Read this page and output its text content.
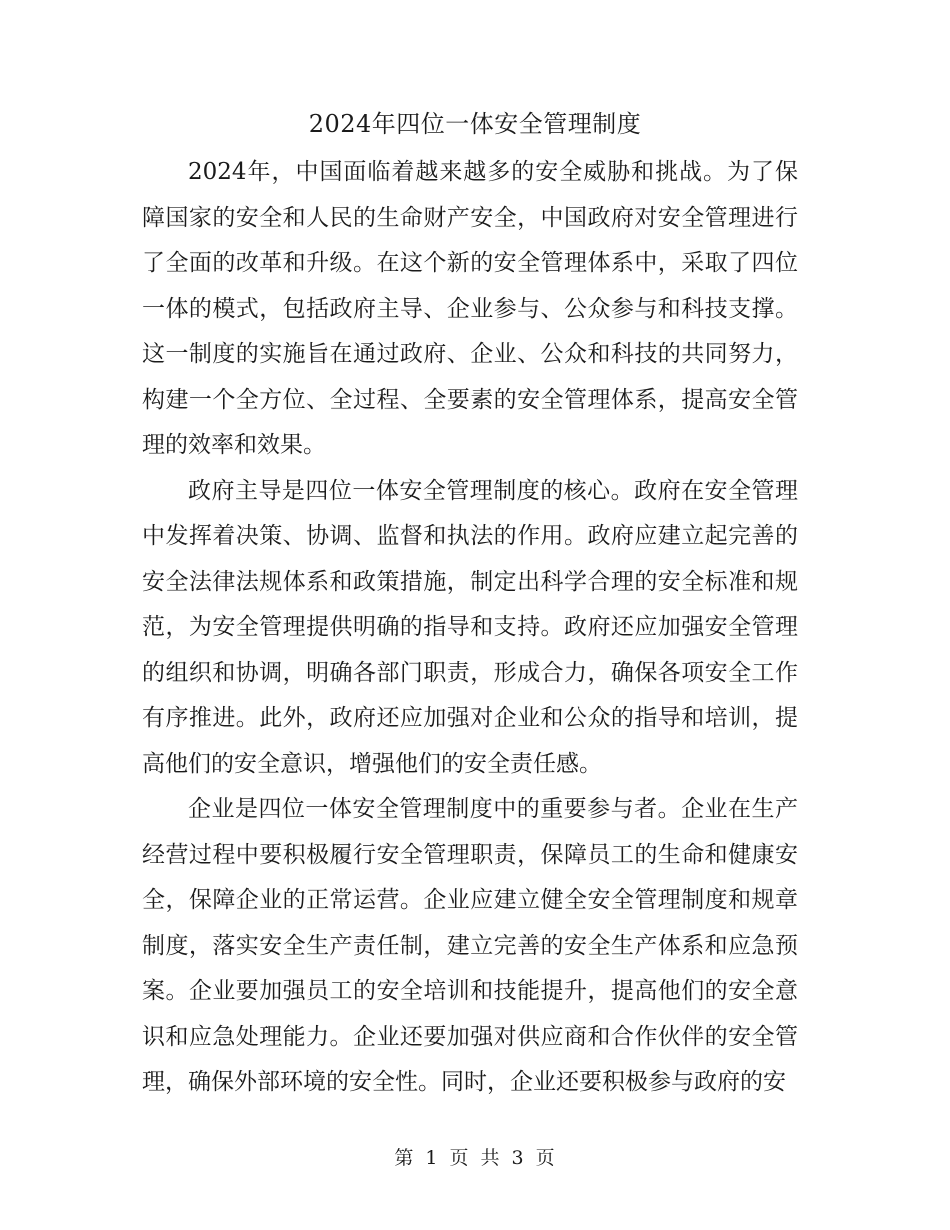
2024年四位一体安全管理制度

2024年，中国面临着越来越多的安全威胁和挑战。为了保障国家的安全和人民的生命财产安全，中国政府对安全管理进行了全面的改革和升级。在这个新的安全管理体系中，采取了四位一体的模式，包括政府主导、企业参与、公众参与和科技支撑。这一制度的实施旨在通过政府、企业、公众和科技的共同努力，构建一个全方位、全过程、全要素的安全管理体系，提高安全管理的效率和效果。

政府主导是四位一体安全管理制度的核心。政府在安全管理中发挥着决策、协调、监督和执法的作用。政府应建立起完善的安全法律法规体系和政策措施，制定出科学合理的安全标准和规范，为安全管理提供明确的指导和支持。政府还应加强安全管理的组织和协调，明确各部门职责，形成合力，确保各项安全工作有序推进。此外，政府还应加强对企业和公众的指导和培训，提高他们的安全意识，增强他们的安全责任感。

企业是四位一体安全管理制度中的重要参与者。企业在生产经营过程中要积极履行安全管理职责，保障员工的生命和健康安全，保障企业的正常运营。企业应建立健全安全管理制度和规章制度，落实安全生产责任制，建立完善的安全生产体系和应急预案。企业要加强员工的安全培训和技能提升，提高他们的安全意识和应急处理能力。企业还要加强对供应商和合作伙伴的安全管理，确保外部环境的安全性。同时，企业还要积极参与政府的安

第 1 页 共 3 页
